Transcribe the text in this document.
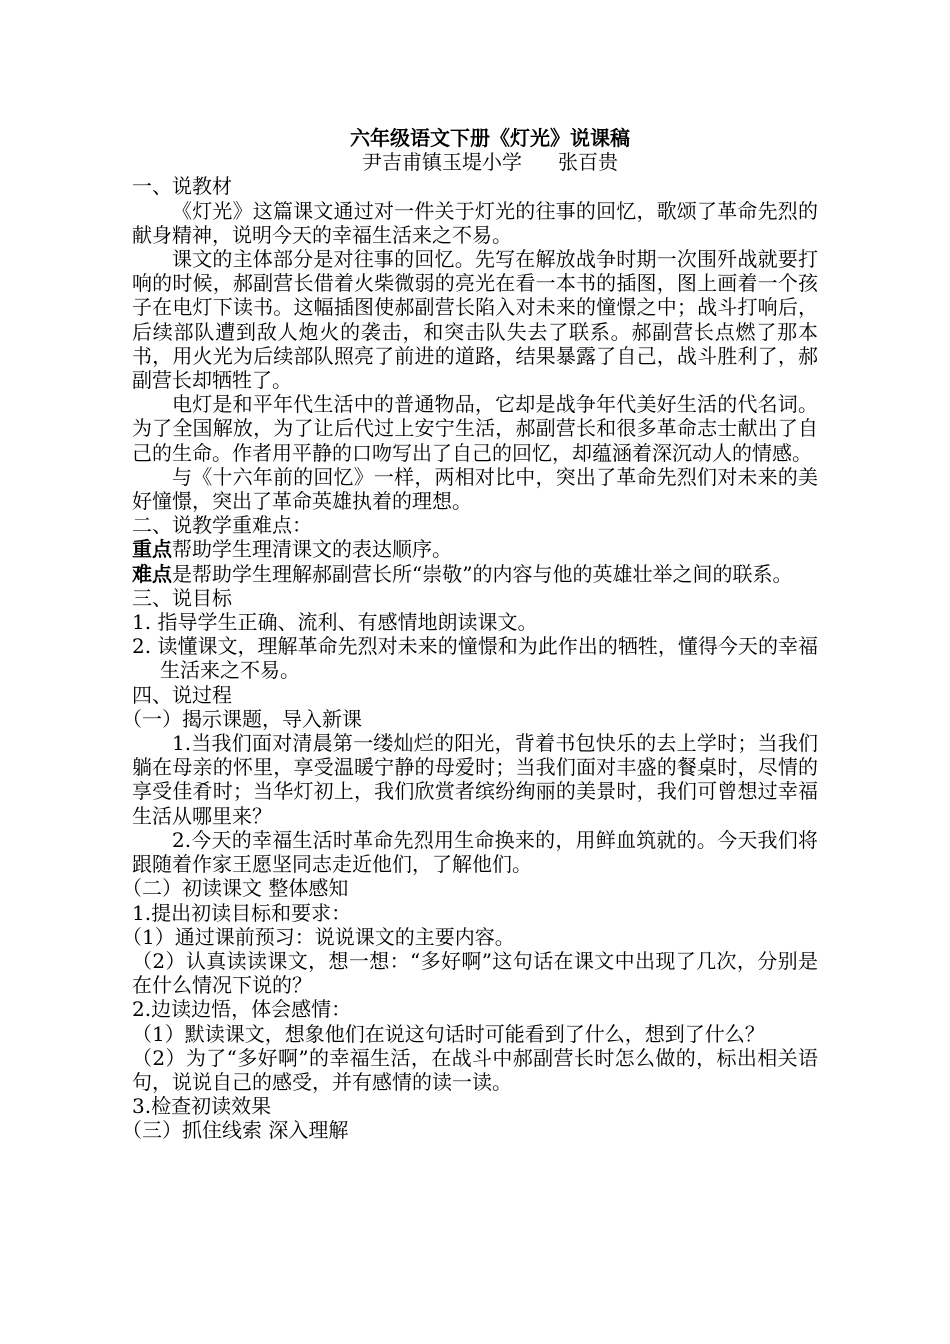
六年级语文下册《灯光》说课稿

尹吉甫镇玉堤小学 张百贵

一、说教材

《灯光》这篇课文通过对一件关于灯光的往事的回忆，歌颂了革命先烈的献身精神，说明今天的幸福生活来之不易。

课文的主体部分是对往事的回忆。先写在解放战争时期一次围歼战就要打响的时候，郝副营长借着火柴微弱的亮光在看一本书的插图，图上画着一个孩子在电灯下读书。这幅插图使郝副营长陷入对未来的憧憬之中；战斗打响后，后续部队遭到敌人炮火的袭击，和突击队失去了联系。郝副营长点燃了那本书，用火光为后续部队照亮了前进的道路，结果暴露了自己，战斗胜利了，郝副营长却牺牲了。

电灯是和平年代生活中的普通物品，它却是战争年代美好生活的代名词。为了全国解放，为了让后代过上安宁生活，郝副营长和很多革命志士献出了自己的生命。作者用平静的口吻写出了自己的回忆，却蕴涵着深沉动人的情感。

与《十六年前的回忆》一样，两相对比中，突出了革命先烈们对未来的美好憧憬，突出了革命英雄执着的理想。

二、说教学重难点：

重点帮助学生理清课文的表达顺序。

难点是帮助学生理解郝副营长所“崇敬”的内容与他的英雄壮举之间的联系。

三、说目标

1. 指导学生正确、流利、有感情地朗读课文。

2. 读懂课文，理解革命先烈对未来的憧憬和为此作出的牺牲，懂得今天的幸福生活来之不易。

四、说过程

（一）揭示课题，导入新课

1.当我们面对清晨第一缕灿烂的阳光，背着书包快乐的去上学时；当我们躺在母亲的怀里，享受温暖宁静的母爱时；当我们面对丰盛的餐桌时，尽情的享受佳肴时；当华灯初上，我们欣赏者缤纷绚丽的美景时，我们可曾想过幸福生活从哪里来？

2.今天的幸福生活时革命先烈用生命换来的，用鲜血筑就的。今天我们将跟随着作家王愿坚同志走近他们，了解他们。

（二）初读课文 整体感知

1.提出初读目标和要求：

（1）通过课前预习：说说课文的主要内容。

（2）认真读读课文，想一想：“多好啊”这句话在课文中出现了几次，分别是在什么情况下说的？

2.边读边悟，体会感情：

（1）默读课文，想象他们在说这句话时可能看到了什么，想到了什么？

（2）为了“多好啊”的幸福生活，在战斗中郝副营长时怎么做的，标出相关语句，说说自己的感受，并有感情的读一读。

3.检查初读效果

（三）抓住线索 深入理解
